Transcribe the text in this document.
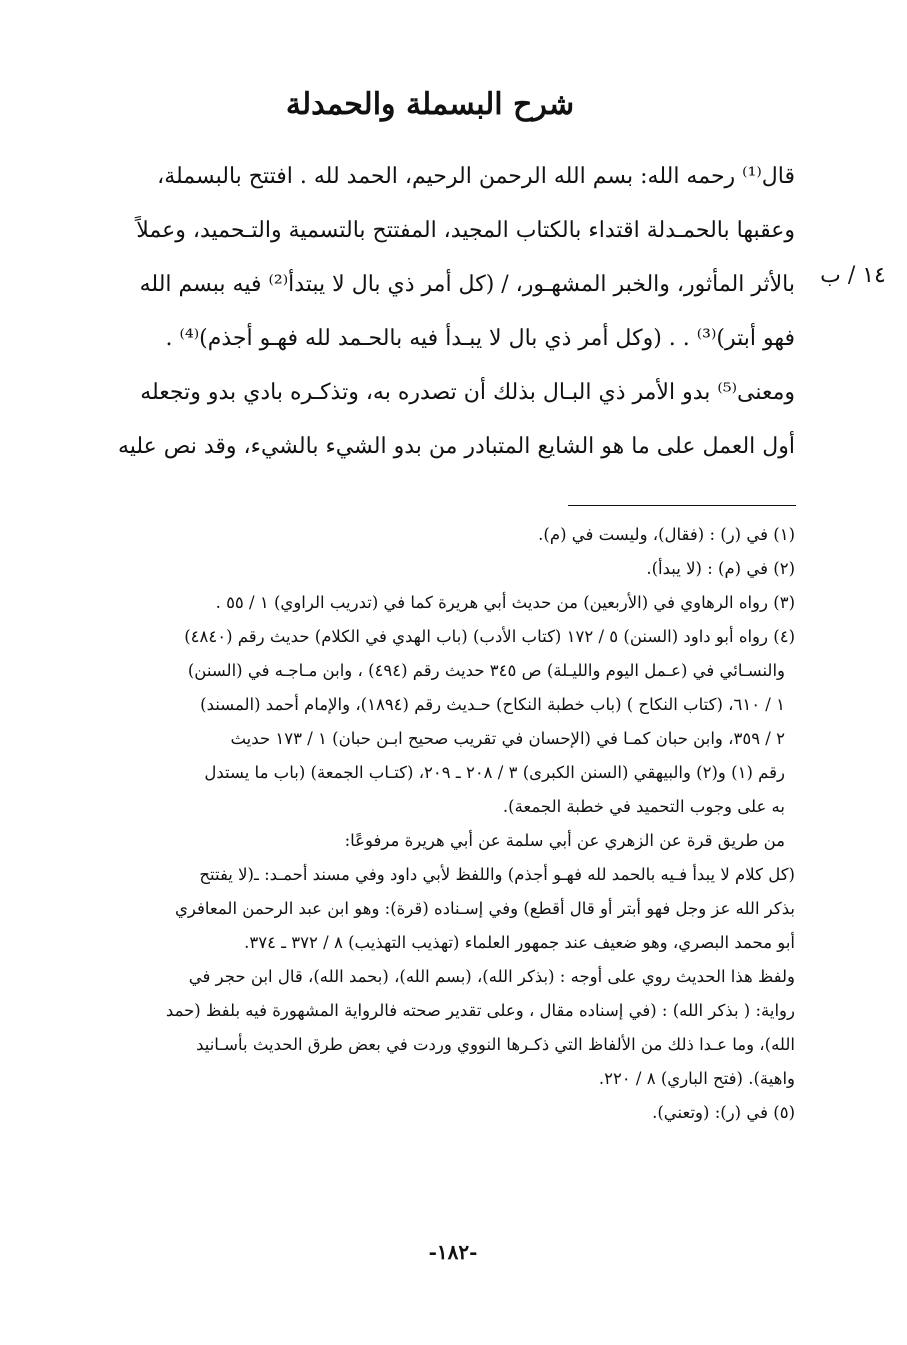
شرح البسملة والحمدلة
١٤ / ب
قال⁽¹⁾ رحمه الله: بسم الله الرحمن الرحيم، الحمد لله . افتتح بالبسملة،
وعقبها بالحمـدلة اقتداء بالكتاب المجيد، المفتتح بالتسمية والتـحميد، وعملاً
بالأثر المأثور، والخبر المشهـور، / (كل أمر ذي بال لا يبتدأ⁽²⁾ فيه ببسم الله
فهو أبتر)⁽³⁾ . . (وكل أمر ذي بال لا يبـدأ فيه بالحـمد لله فهـو أجذم)⁽⁴⁾ .
ومعنى⁽⁵⁾ بدو الأمر ذي البـال بذلك أن تصدره به، وتذكـره بادي بدو وتجعله
أول العمل على ما هو الشايع المتبادر من بدو الشيء بالشيء، وقد نص عليه
(١) في (ر) : (فقال)، وليست في (م).
(٢) في (م) : (لا يبدأ).
(٣) رواه الرهاوي في (الأربعين) من حديث أبي هريرة كما في (تدريب الراوي) ١ / ٥٥ .
(٤) رواه أبو داود (السنن) ٥ / ١٧٢ (كتاب الأدب) (باب الهدي في الكلام) حديث رقم (٤٨٤٠)
والنسـائي في (عـمل اليوم والليـلة) ص ٣٤٥ حديث رقم (٤٩٤) ، وابن مـاجـه في (السنن)
١ / ٦١٠، (كتاب النكاح ) (باب خطبة النكاح) حـديث رقم (١٨٩٤)، والإمام أحمد (المسند)
٢ / ٣٥٩، وابن حبان كمـا في (الإحسان في تقريب صحيح ابـن حبان) ١ / ١٧٣ حديث
رقم (١) و(٢) والبيهقي (السنن الكبرى) ٣ / ٢٠٨ ـ ٢٠٩، (كتـاب الجمعة) (باب ما يستدل
به على وجوب التحميد في خطبة الجمعة).
من طريق قرة عن الزهري عن أبي سلمة عن أبي هريرة مرفوعًا:
(كل كلام لا يبدأ فـيه بالحمد لله فهـو أجذم) واللفظ لأبي داود وفي مسند أحمـد: ـ(لا يفتتح
بذكر الله عز وجل فهو أبتر أو قال أقطع) وفي إسـناده (قرة): وهو ابن عبد الرحمن المعافري
أبو محمد البصري، وهو ضعيف عند جمهور العلماء (تهذيب التهذيب) ٨ / ٣٧٢ ـ ٣٧٤.
ولفظ هذا الحديث روي على أوجه : (بذكر الله)، (بسم الله)، (بحمد الله)، قال ابن حجر في
رواية: ( بذكر الله) : (في إسناده مقال ، وعلى تقدير صحته فالرواية المشهورة فيه بلفظ (حمد
الله)، وما عـدا ذلك من الألفاظ التي ذكـرها النووي وردت في بعض طرق الحديث بأسـانيد
واهية). (فتح الباري) ٨ / ٢٢٠.
(٥) في (ر): (وتعني).
-١٨٢-
